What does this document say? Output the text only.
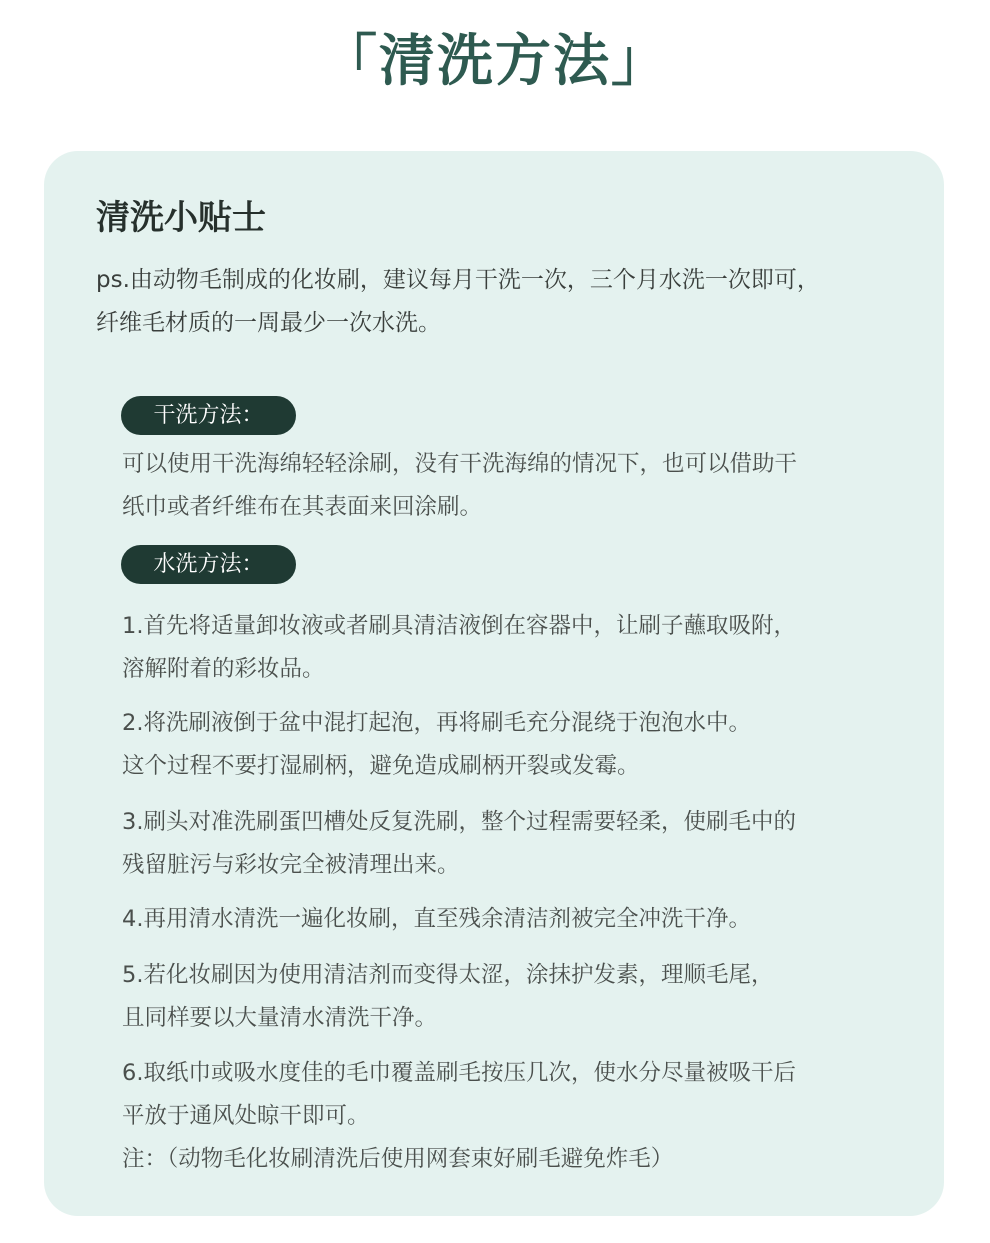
「清洗方法」
清洗小贴士
ps.由动物毛制成的化妆刷，建议每月干洗一次，三个月水洗一次即可，
纤维毛材质的一周最少一次水洗。
干洗方法：
可以使用干洗海绵轻轻涂刷，没有干洗海绵的情况下，也可以借助干
纸巾或者纤维布在其表面来回涂刷。
水洗方法：
1.首先将适量卸妆液或者刷具清洁液倒在容器中，让刷子蘸取吸附，
溶解附着的彩妆品。
2.将洗刷液倒于盆中混打起泡，再将刷毛充分混绕于泡泡水中。
这个过程不要打湿刷柄，避免造成刷柄开裂或发霉。
3.刷头对准洗刷蛋凹槽处反复洗刷，整个过程需要轻柔，使刷毛中的
残留脏污与彩妆完全被清理出来。
4.再用清水清洗一遍化妆刷，直至残余清洁剂被完全冲洗干净。
5.若化妆刷因为使用清洁剂而变得太涩，涂抹护发素，理顺毛尾，
且同样要以大量清水清洗干净。
6.取纸巾或吸水度佳的毛巾覆盖刷毛按压几次，使水分尽量被吸干后
平放于通风处晾干即可。
注：（动物毛化妆刷清洗后使用网套束好刷毛避免炸毛）
